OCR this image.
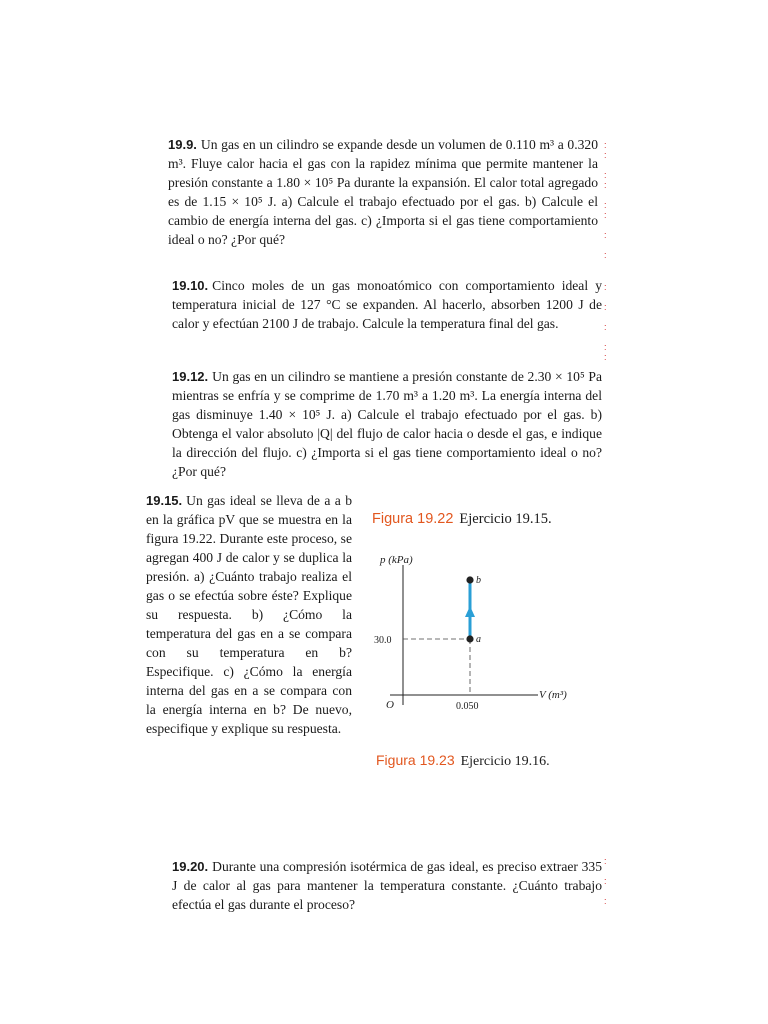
19.9. Un gas en un cilindro se expande desde un volumen de 0.110 m³ a 0.320 m³. Fluye calor hacia el gas con la rapidez mínima que permite mantener la presión constante a 1.80 × 10⁵ Pa durante la expansión. El calor total agregado es de 1.15 × 10⁵ J. a) Calcule el trabajo efectuado por el gas. b) Calcule el cambio de energía interna del gas. c) ¿Importa si el gas tiene comportamiento ideal o no? ¿Por qué?
19.10. Cinco moles de un gas monoatómico con comportamiento ideal y temperatura inicial de 127 °C se expanden. Al hacerlo, absorben 1200 J de calor y efectúan 2100 J de trabajo. Calcule la temperatura final del gas.
19.12. Un gas en un cilindro se mantiene a presión constante de 2.30 × 10⁵ Pa mientras se enfría y se comprime de 1.70 m³ a 1.20 m³. La energía interna del gas disminuye 1.40 × 10⁵ J. a) Calcule el trabajo efectuado por el gas. b) Obtenga el valor absoluto |Q| del flujo de calor hacia o desde el gas, e indique la dirección del flujo. c) ¿Importa si el gas tiene comportamiento ideal o no? ¿Por qué?
19.15. Un gas ideal se lleva de a a b en la gráfica pV que se muestra en la figura 19.22. Durante este proceso, se agregan 400 J de calor y se duplica la presión. a) ¿Cuánto trabajo realiza el gas o se efectúa sobre éste? Explique su respuesta. b) ¿Cómo la temperatura del gas en a se compara con su temperatura en b? Especifique. c) ¿Cómo la energía interna del gas en a se compara con la energía interna en b? De nuevo, especifique y explique su respuesta.
Figura 19.22 Ejercicio 19.15.
a
b
p (kPa)
V (m³)
30.0
0.050
O
Figura 19.23 Ejercicio 19.16.
19.20. Durante una compresión isotérmica de gas ideal, es preciso extraer 335 J de calor al gas para mantener la temperatura constante. ¿Cuánto trabajo efectúa el gas durante el proceso?
:
:

:
:

:
:

:

:
:

:

:

:
:
:

:

:
